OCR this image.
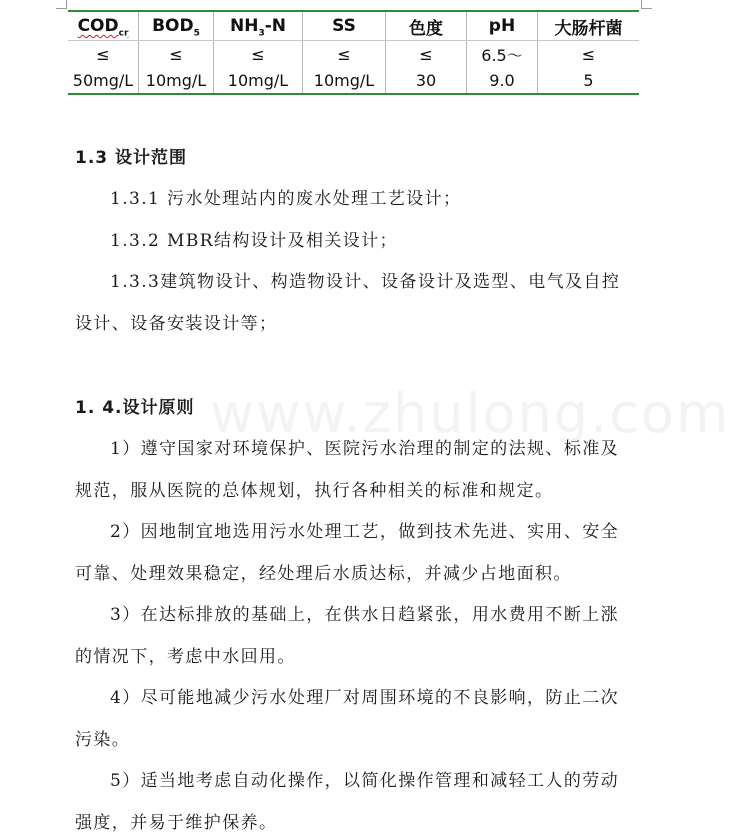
$COD_{cr}$	$BOD_5$	$NH_3-N$	SS	色度	pH	大肠杆菌
≤	≤	≤	≤	≤	6.5～	≤
50mg/L	10mg/L	10mg/L	10mg/L	30	9.0	5
www.zhulong.com
1.3 设计范围
1.3.1 污水处理站内的废水处理工艺设计；
1.3.2 MBR结构设计及相关设计；
1.3.3建筑物设计、构造物设计、设备设计及选型、电气及自控
设计、设备安装设计等；
1. 4.设计原则
1）遵守国家对环境保护、医院污水治理的制定的法规、标准及
规范，服从医院的总体规划，执行各种相关的标准和规定。
2）因地制宜地选用污水处理工艺，做到技术先进、实用、安全
可靠、处理效果稳定，经处理后水质达标，并减少占地面积。
3）在达标排放的基础上，在供水日趋紧张，用水费用不断上涨
的情况下，考虑中水回用。
4）尽可能地减少污水处理厂对周围环境的不良影响，防止二次
污染。
5）适当地考虑自动化操作，以简化操作管理和减轻工人的劳动
强度，并易于维护保养。
